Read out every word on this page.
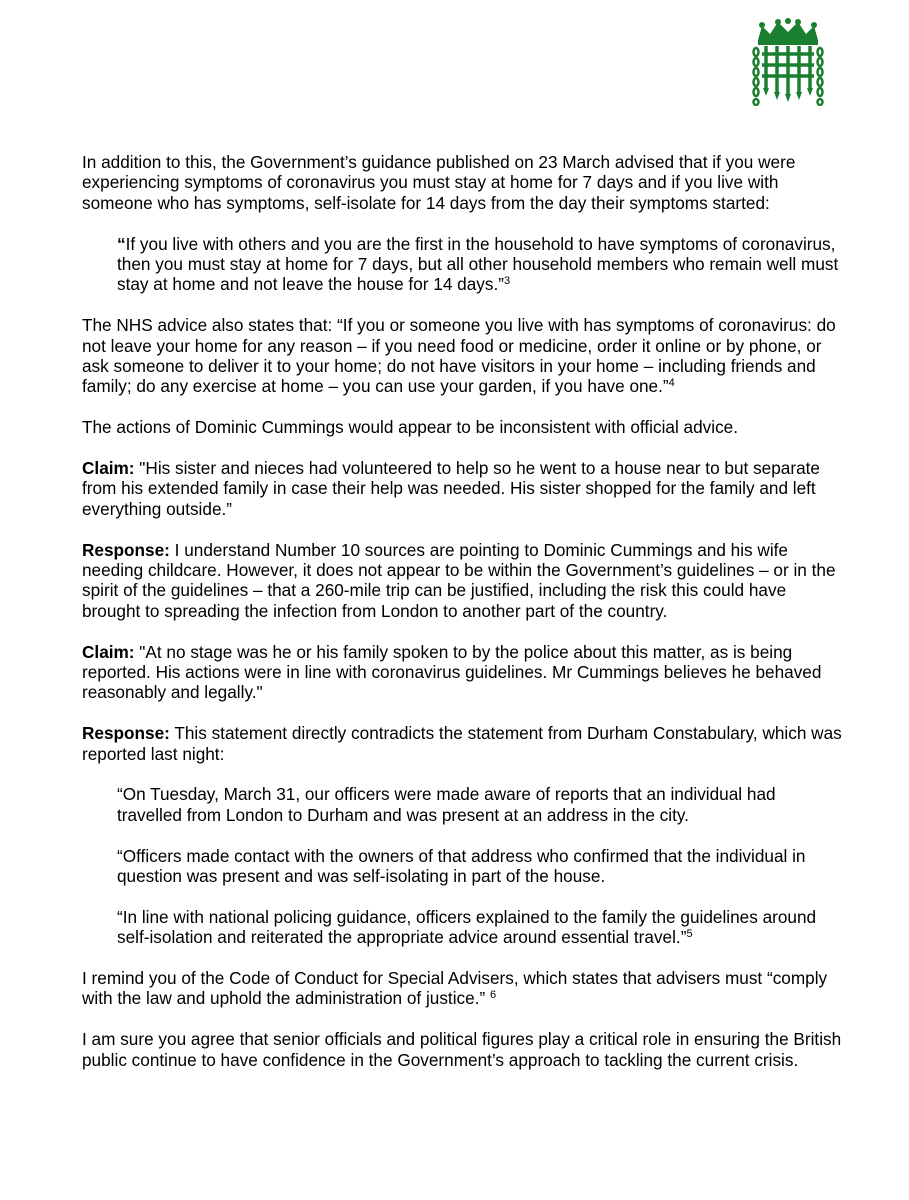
In addition to this, the Government’s guidance published on 23 March advised that if you were experiencing symptoms of coronavirus you must stay at home for 7 days and if you live with someone who has symptoms, self-isolate for 14 days from the day their symptoms started:

“If you live with others and you are the first in the household to have symptoms of coronavirus, then you must stay at home for 7 days, but all other household members who remain well must stay at home and not leave the house for 14 days.”$^3$

The NHS advice also states that: “If you or someone you live with has symptoms of coronavirus: do not leave your home for any reason – if you need food or medicine, order it online or by phone, or ask someone to deliver it to your home; do not have visitors in your home – including friends and family; do any exercise at home – you can use your garden, if you have one.”$^4$

The actions of Dominic Cummings would appear to be inconsistent with official advice.

Claim: "His sister and nieces had volunteered to help so he went to a house near to but separate from his extended family in case their help was needed. His sister shopped for the family and left everything outside.”

Response: I understand Number 10 sources are pointing to Dominic Cummings and his wife needing childcare. However, it does not appear to be within the Government’s guidelines – or in the spirit of the guidelines – that a 260-mile trip can be justified, including the risk this could have brought to spreading the infection from London to another part of the country.

Claim: "At no stage was he or his family spoken to by the police about this matter, as is being reported. His actions were in line with coronavirus guidelines. Mr Cummings believes he behaved reasonably and legally."

Response: This statement directly contradicts the statement from Durham Constabulary, which was reported last night:

“On Tuesday, March 31, our officers were made aware of reports that an individual had travelled from London to Durham and was present at an address in the city.

“Officers made contact with the owners of that address who confirmed that the individual in question was present and was self-isolating in part of the house.

“In line with national policing guidance, officers explained to the family the guidelines around self-isolation and reiterated the appropriate advice around essential travel.”$^5$

I remind you of the Code of Conduct for Special Advisers, which states that advisers must “comply with the law and uphold the administration of justice.” $^6$

I am sure you agree that senior officials and political figures play a critical role in ensuring the British public continue to have confidence in the Government’s approach to tackling the current crisis.
